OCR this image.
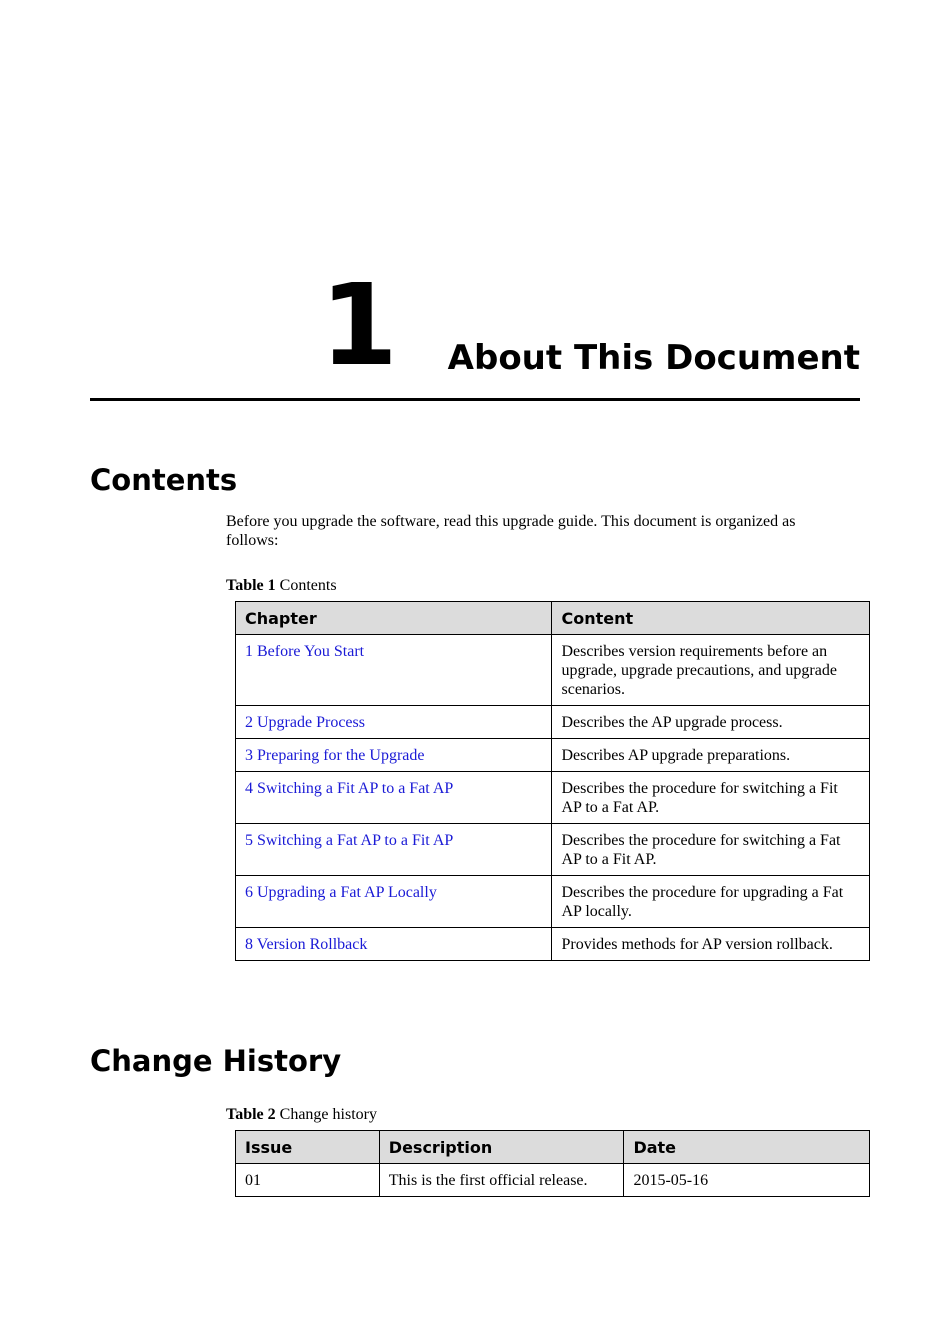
1 About This Document
Contents

Before you upgrade the software, read this upgrade guide. This document is organized as follows:

Table 1 Contents

Chapter	Content
1 Before You Start	Describes version requirements before an upgrade, upgrade precautions, and upgrade scenarios.
2 Upgrade Process	Describes the AP upgrade process.
3 Preparing for the Upgrade	Describes AP upgrade preparations.
4 Switching a Fit AP to a Fat AP	Describes the procedure for switching a Fit AP to a Fat AP.
5 Switching a Fat AP to a Fit AP	Describes the procedure for switching a Fat AP to a Fit AP.
6 Upgrading a Fat AP Locally	Describes the procedure for upgrading a Fat AP locally.
8 Version Rollback	Provides methods for AP version rollback.
Change History

Table 2 Change history

Issue	Description	Date
01	This is the first official release.	2015-05-16
